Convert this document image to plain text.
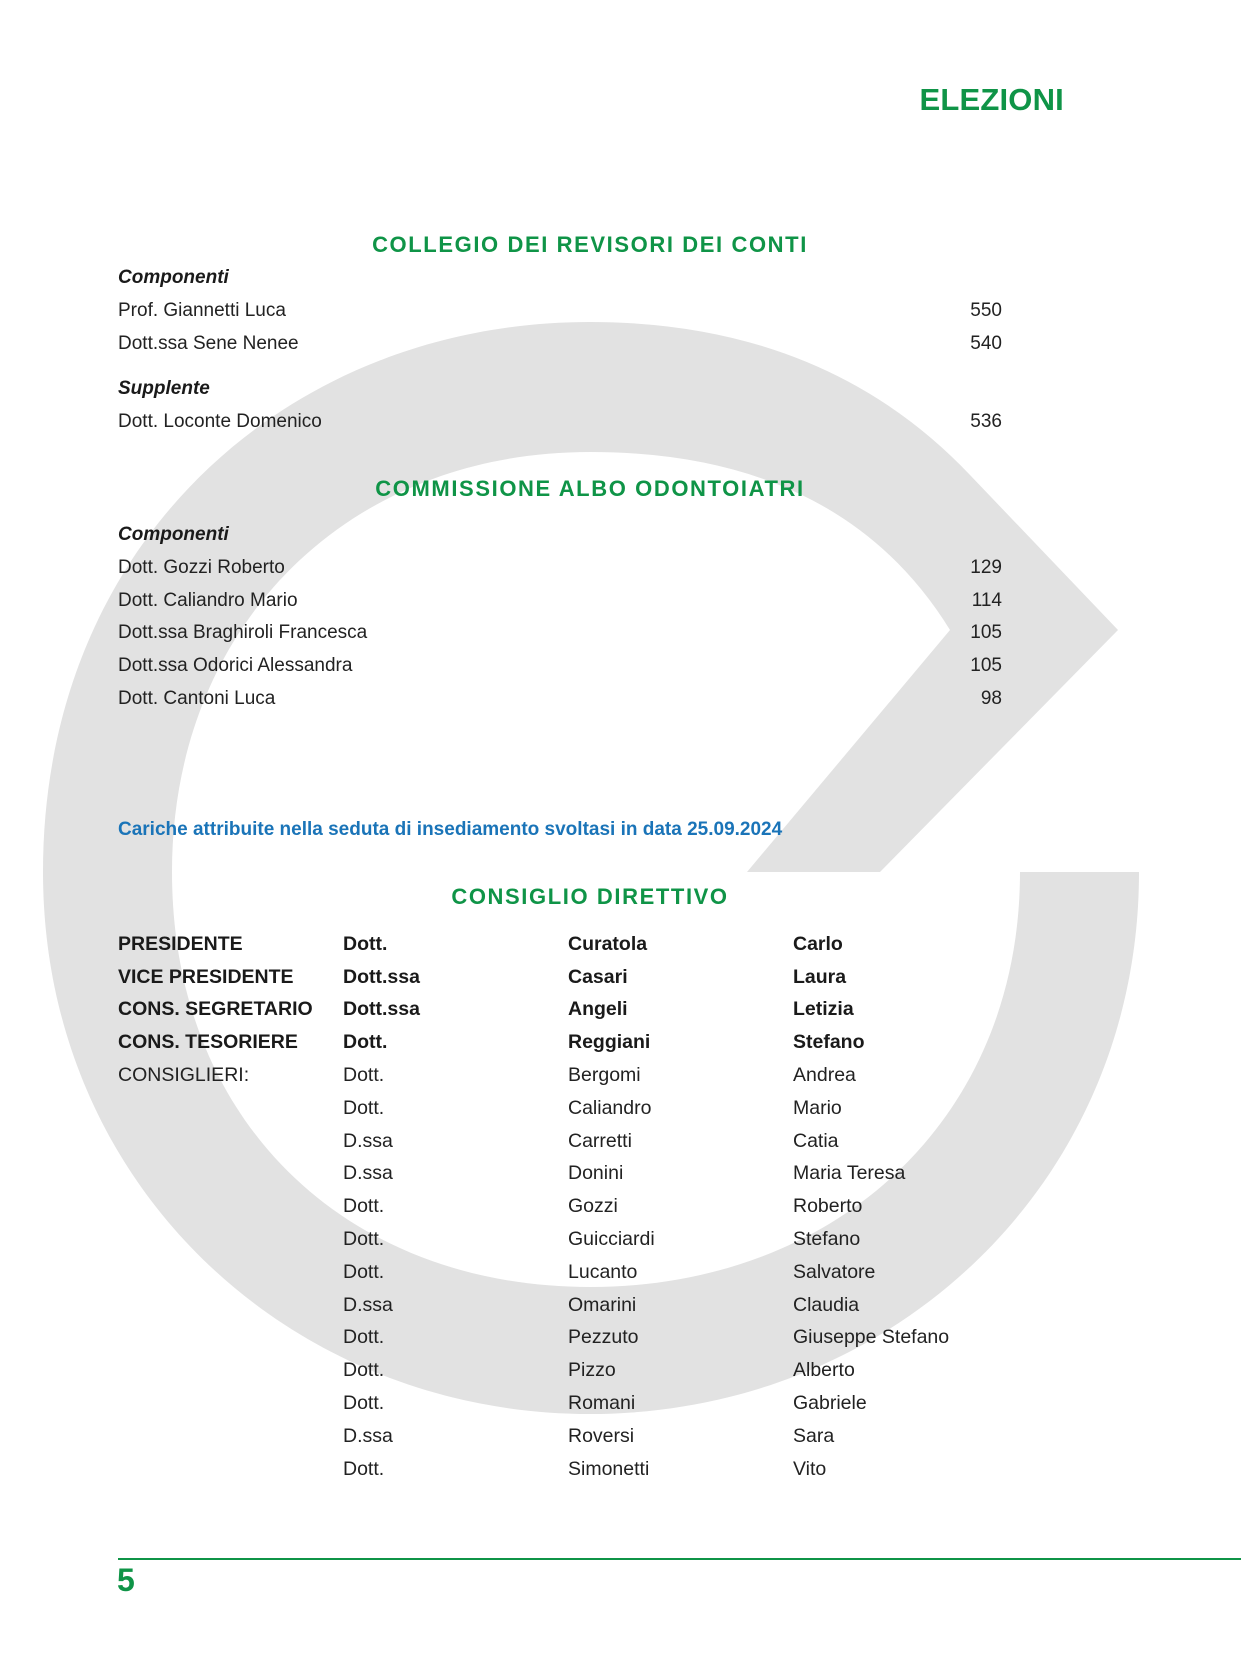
ELEZIONI
COLLEGIO DEI REVISORI DEI CONTI

Componenti

Prof. Giannetti Luca	550
Dott.ssa Sene Nenee	540

Supplente

Dott. Loconte Domenico	536
COMMISSIONE ALBO ODONTOIATRI

Componenti

Dott. Gozzi Roberto	129
Dott. Caliandro Mario	114
Dott.ssa Braghiroli Francesca	105
Dott.ssa Odorici Alessandra	105
Dott. Cantoni Luca	98

Cariche attribuite nella seduta di insediamento svoltasi in data 25.09.2024

CONSIGLIO DIRETTIVO
PRESIDENTE	Dott.	Curatola	Carlo
VICE PRESIDENTE	Dott.ssa	Casari	Laura
CONS. SEGRETARIO	Dott.ssa	Angeli	Letizia
CONS. TESORIERE	Dott.	Reggiani	Stefano
CONSIGLIERI:	Dott.	Bergomi	Andrea
	Dott.	Caliandro	Mario
	D.ssa	Carretti	Catia
	D.ssa	Donini	Maria Teresa
	Dott.	Gozzi	Roberto
	Dott.	Guicciardi	Stefano
	Dott.	Lucanto	Salvatore
	D.ssa	Omarini	Claudia
	Dott.	Pezzuto	Giuseppe Stefano
	Dott.	Pizzo	Alberto
	Dott.	Romani	Gabriele
	D.ssa	Roversi	Sara
	Dott.	Simonetti	Vito

5
